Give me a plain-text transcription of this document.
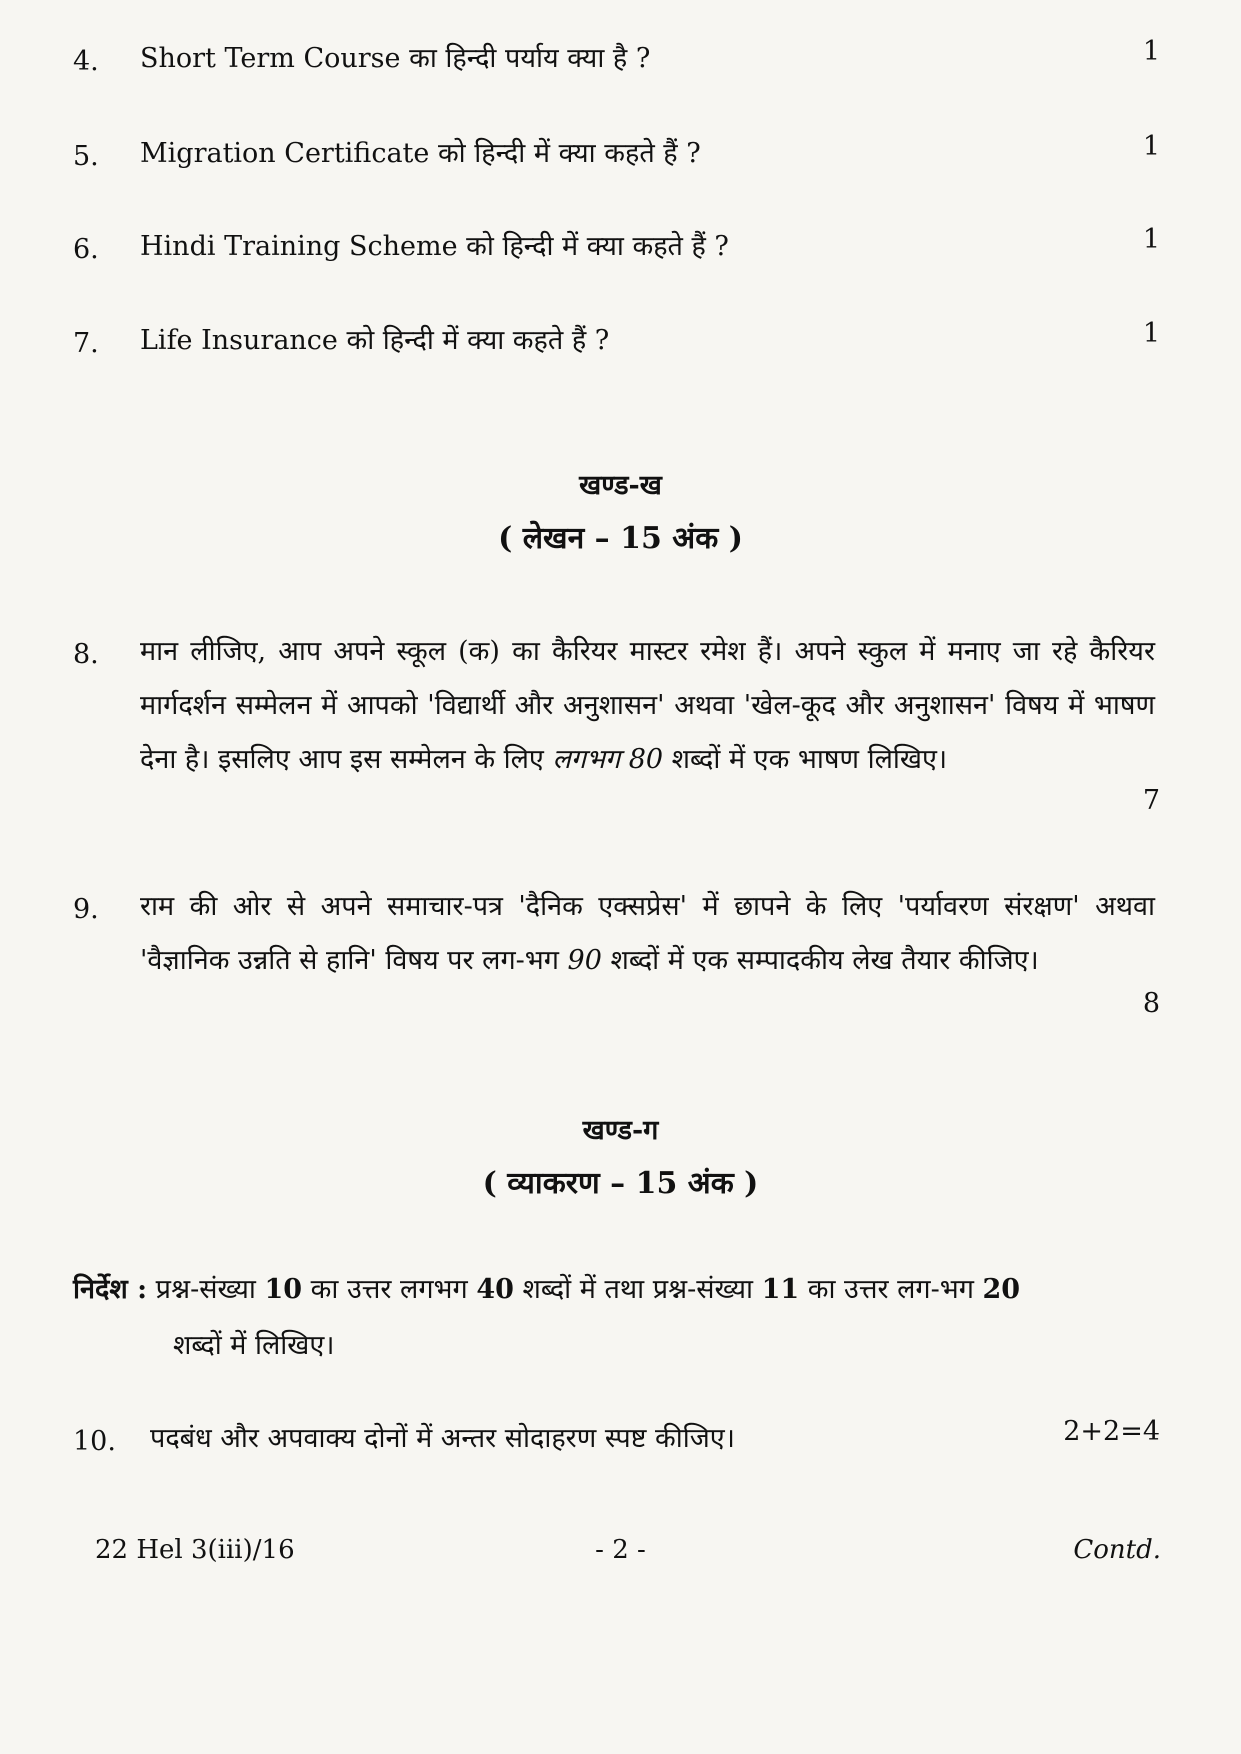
4. Short Term Course का हिन्दी पर्याय क्या है ?	1
5. Migration Certificate को हिन्दी में क्या कहते हैं ?	1
6. Hindi Training Scheme को हिन्दी में क्या कहते हैं ?	1
7. Life Insurance को हिन्दी में क्या कहते हैं ?	1
खण्ड-ख
( लेखन – 15 अंक )
8. मान लीजिए, आप अपने स्कूल (क) का कैरियर मास्टर रमेश हैं। अपने स्कुल में मनाए जा रहे कैरियर मार्गदर्शन सम्मेलन में आपको 'विद्यार्थी और अनुशासन' अथवा 'खेल-कूद और अनुशासन' विषय में भाषण देना है। इसलिए आप इस सम्मेलन के लिए लगभग 80 शब्दों में एक भाषण लिखिए।
7
9. राम की ओर से अपने समाचार-पत्र 'दैनिक एक्सप्रेस' में छापने के लिए 'पर्यावरण संरक्षण' अथवा 'वैज्ञानिक उन्नति से हानि' विषय पर लग-भग 90 शब्दों में एक सम्पादकीय लेख तैयार कीजिए।
8
खण्ड-ग
( व्याकरण – 15 अंक )
निर्देश : प्रश्न-संख्या 10 का उत्तर लगभग 40 शब्दों में तथा प्रश्न-संख्या 11 का उत्तर लग-भग 20
शब्दों में लिखिए।
10. पदबंध और अपवाक्य दोनों में अन्तर सोदाहरण स्पष्ट कीजिए।	2+2=4
22 Hel 3(iii)/16	- 2 -	Contd.
